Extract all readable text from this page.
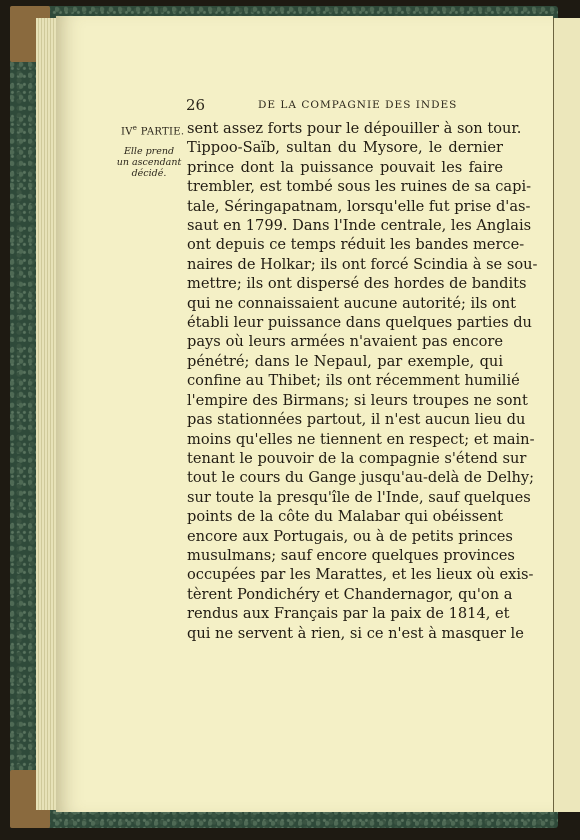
26	DE LA COMPAGNIE DES INDES
IVe PARTIE.
Elle prend
un ascendant
décidé.
sent assez forts pour le dépouiller à son tour.
Tippoo-Saïb, sultan du Mysore, le dernier
prince dont la puissance pouvait les faire
trembler, est tombé sous les ruines de sa capi-
tale, Séringapatnam, lorsqu'elle fut prise d'as-
saut en 1799. Dans l'Inde centrale, les Anglais
ont depuis ce temps réduit les bandes merce-
naires de Holkar; ils ont forcé Scindia à se sou-
mettre; ils ont dispersé des hordes de bandits
qui ne connaissaient aucune autorité; ils ont
établi leur puissance dans quelques parties du
pays où leurs armées n'avaient pas encore
pénétré; dans le Nepaul, par exemple, qui
confine au Thibet; ils ont récemment humilié
l'empire des Birmans; si leurs troupes ne sont
pas stationnées partout, il n'est aucun lieu du
moins qu'elles ne tiennent en respect; et main-
tenant le pouvoir de la compagnie s'étend sur
tout le cours du Gange jusqu'au-delà de Delhy;
sur toute la presqu'île de l'Inde, sauf quelques
points de la côte du Malabar qui obéissent
encore aux Portugais, ou à de petits princes
musulmans; sauf encore quelques provinces
occupées par les Marattes, et les lieux où exis-
tèrent Pondichéry et Chandernagor, qu'on a
rendus aux Français par la paix de 1814, et
qui ne servent à rien, si ce n'est à masquer le
